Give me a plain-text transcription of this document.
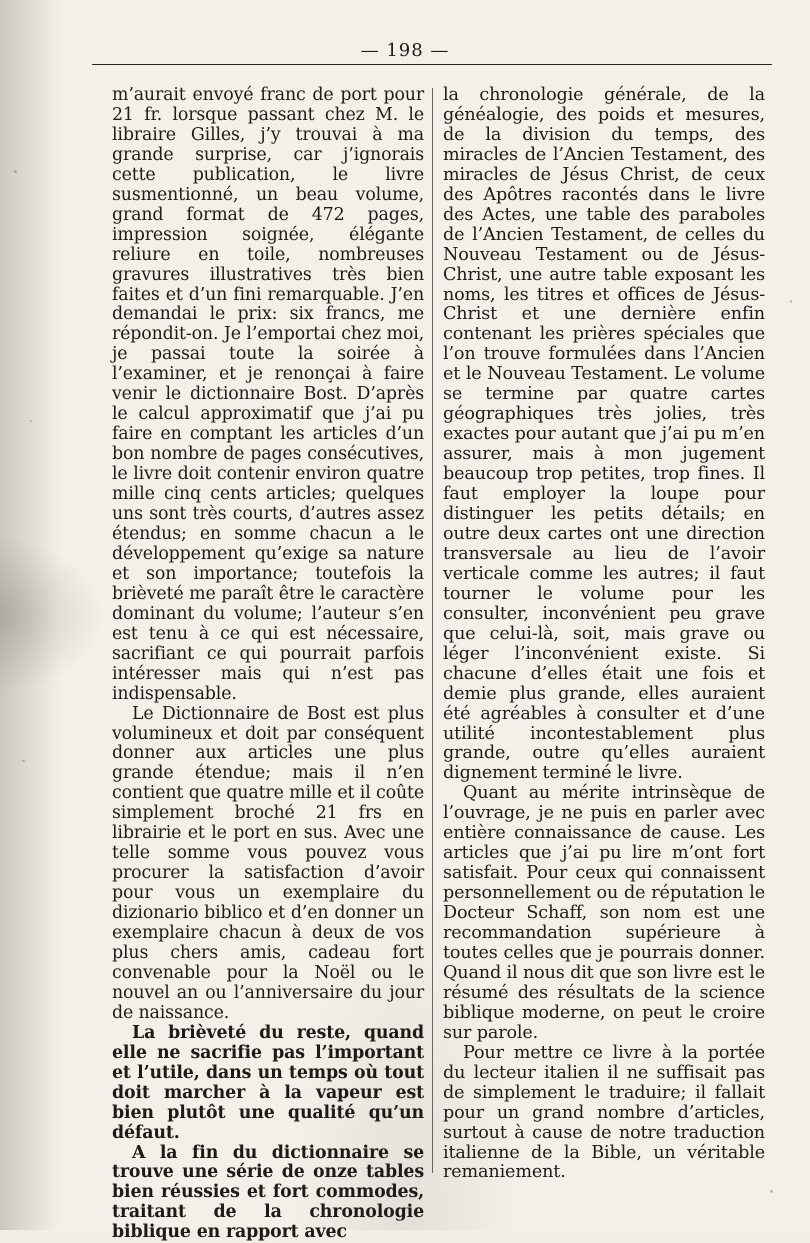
— 198 —

m’aurait envoyé franc de port pour 21 fr. lorsque passant chez M. le libraire Gilles, j’y trouvai à ma grande surprise, car j’ignorais cette publication, le livre susmentionné, un beau volume, grand format de 472 pages, impression soignée, élégante reliure en toile, nombreuses gravures illustratives très bien faites et d’un fini remarquable. J’en demandai le prix: six francs, me répondit-on. Je l’emportai chez moi, je passai toute la soirée à l’examiner, et je renonçai à faire venir le dictionnaire Bost. D’après le calcul approximatif que j’ai pu faire en comptant les articles d’un bon nombre de pages consécutives, le livre doit contenir environ quatre mille cinq cents articles; quelques uns sont très courts, d’autres assez étendus; en somme chacun a le développement qu’exige sa nature et son importance; toutefois la brièveté me paraît être le caractère dominant du volume; l’auteur s’en est tenu à ce qui est nécessaire, sacrifiant ce qui pourrait parfois intéresser mais qui n’est pas indispensable.

Le Dictionnaire de Bost est plus volumineux et doit par conséquent donner aux articles une plus grande étendue; mais il n’en contient que quatre mille et il coûte simplement broché 21 frs en librairie et le port en sus. Avec une telle somme vous pouvez vous procurer la satisfaction d’avoir pour vous un exemplaire du dizionario biblico et d’en donner un exemplaire chacun à deux de vos plus chers amis, cadeau fort convenable pour la Noël ou le nouvel an ou l’anniversaire du jour de naissance.

La brièveté du reste, quand elle ne sacrifie pas l’important et l’utile, dans un temps où tout doit marcher à la vapeur est bien plutôt une qualité qu’un défaut.

A la fin du dictionnaire se trouve une série de onze tables bien réussies et fort commodes, traitant de la chronologie biblique en rapport avec

la chronologie générale, de la généalogie, des poids et mesures, de la division du temps, des miracles de l’Ancien Testament, des miracles de Jésus Christ, de ceux des Apôtres racontés dans le livre des Actes, une table des paraboles de l’Ancien Testament, de celles du Nouveau Testament ou de Jésus-Christ, une autre table exposant les noms, les titres et offices de Jésus-Christ et une dernière enfin contenant les prières spéciales que l’on trouve formulées dans l’Ancien et le Nouveau Testament. Le volume se termine par quatre cartes géographiques très jolies, très exactes pour autant que j’ai pu m’en assurer, mais à mon jugement beaucoup trop petites, trop fines. Il faut employer la loupe pour distinguer les petits détails; en outre deux cartes ont une direction transversale au lieu de l’avoir verticale comme les autres; il faut tourner le volume pour les consulter, inconvénient peu grave que celui-là, soit, mais grave ou léger l’inconvénient existe. Si chacune d’elles était une fois et demie plus grande, elles auraient été agréables à consulter et d’une utilité incontestablement plus grande, outre qu’elles auraient dignement terminé le livre.

Quant au mérite intrinsèque de l’ouvrage, je ne puis en parler avec entière connaissance de cause. Les articles que j’ai pu lire m’ont fort satisfait. Pour ceux qui connaissent personnellement ou de réputation le Docteur Schaff, son nom est une recommandation supérieure à toutes celles que je pourrais donner. Quand il nous dit que son livre est le résumé des résultats de la science biblique moderne, on peut le croire sur parole.

Pour mettre ce livre à la portée du lecteur italien il ne suffisait pas de simplement le traduire; il fallait pour un grand nombre d’articles, surtout à cause de notre traduction italienne de la Bible, un véritable remaniement.
